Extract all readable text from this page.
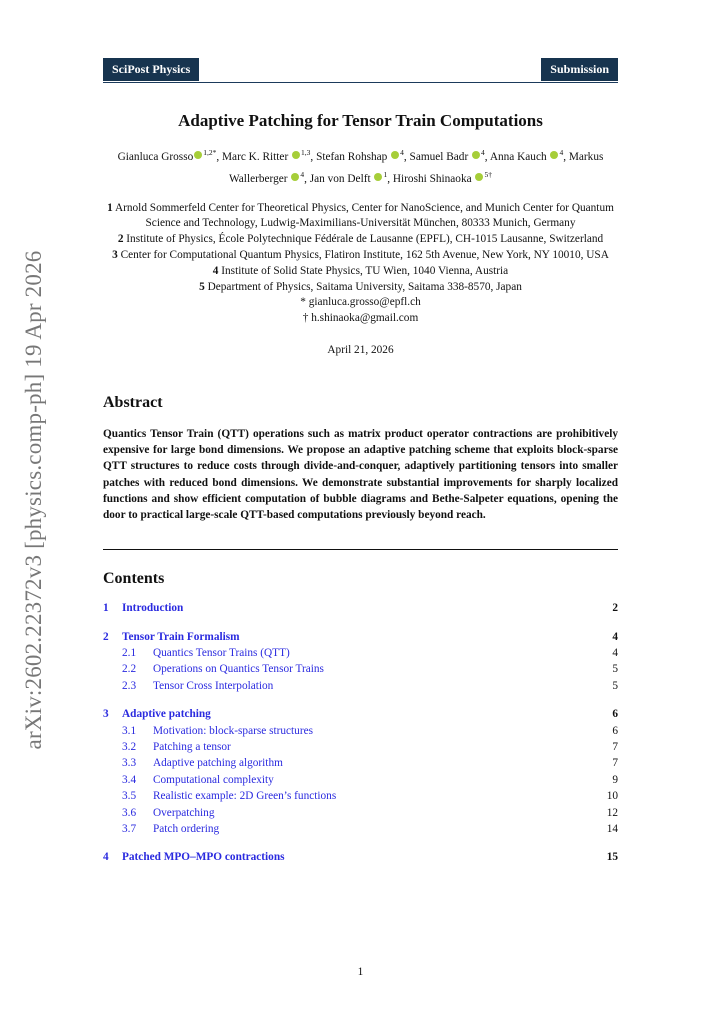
arXiv:2602.22372v3 [physics.comp-ph] 19 Apr 2026
SciPost Physics	Submission
Adaptive Patching for Tensor Train Computations
Gianluca Grosso $^{1,2*}$, Marc K. Ritter $^{1,3}$, Stefan Rohshap $^4$, Samuel Badr $^4$, Anna Kauch $^4$, Markus Wallerberger $^4$, Jan von Delft $^1$, Hiroshi Shinaoka $^{5\dagger}$
1 Arnold Sommerfeld Center for Theoretical Physics, Center for NanoScience, and Munich Center for Quantum Science and Technology, Ludwig-Maximilians-Universität München, 80333 Munich, Germany
2 Institute of Physics, École Polytechnique Fédérale de Lausanne (EPFL), CH-1015 Lausanne, Switzerland
3 Center for Computational Quantum Physics, Flatiron Institute, 162 5th Avenue, New York, NY 10010, USA
4 Institute of Solid State Physics, TU Wien, 1040 Vienna, Austria
5 Department of Physics, Saitama University, Saitama 338-8570, Japan
* gianluca.grosso@epfl.ch
† h.shinaoka@gmail.com
April 21, 2026
Abstract
Quantics Tensor Train (QTT) operations such as matrix product operator contractions are prohibitively expensive for large bond dimensions. We propose an adaptive patching scheme that exploits block-sparse QTT structures to reduce costs through divide-and-conquer, adaptively partitioning tensors into smaller patches with reduced bond dimensions. We demonstrate substantial improvements for sharply localized functions and show efficient computation of bubble diagrams and Bethe-Salpeter equations, opening the door to practical large-scale QTT-based computations previously beyond reach.
Contents
1	Introduction	2
2	Tensor Train Formalism	4
2.1	Quantics Tensor Trains (QTT)	4
2.2	Operations on Quantics Tensor Trains	5
2.3	Tensor Cross Interpolation	5
3	Adaptive patching	6
3.1	Motivation: block-sparse structures	6
3.2	Patching a tensor	7
3.3	Adaptive patching algorithm	7
3.4	Computational complexity	9
3.5	Realistic example: 2D Green’s functions	10
3.6	Overpatching	12
3.7	Patch ordering	14
4	Patched MPO–MPO contractions	15
1
